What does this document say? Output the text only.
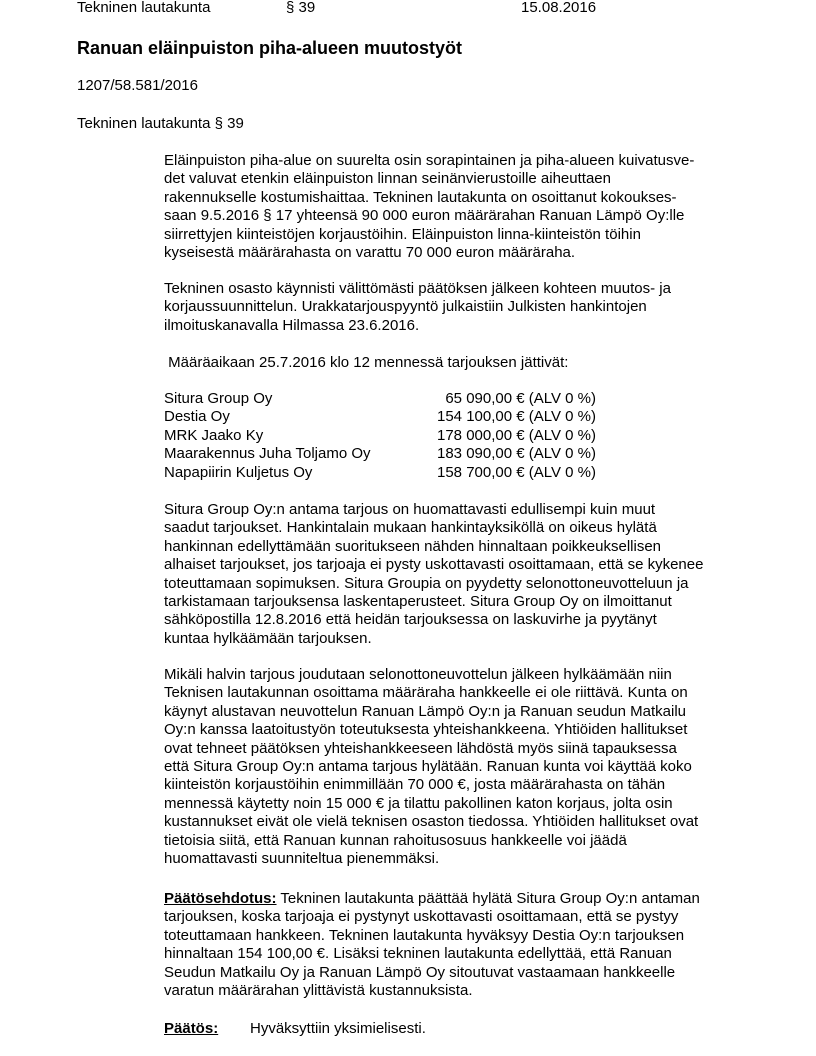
Tekninen lautakunta	§ 39	15.08.2016
Ranuan eläinpuiston piha-alueen muutostyöt
1207/58.581/2016
Tekninen lautakunta § 39

Eläinpuiston piha-alue on suurelta osin sorapintainen ja piha-alueen kuivatusve-

det valuvat etenkin eläinpuiston linnan seinänvierustoille aiheuttaen

rakennukselle kostumishaittaa. Tekninen lautakunta on osoittanut kokoukses-

saan 9.5.2016 § 17 yhteensä 90 000 euron määrärahan Ranuan Lämpö Oy:lle

siirrettyjen kiinteistöjen korjaustöihin. Eläinpuiston linna-kiinteistön töihin

kyseisestä määrärahasta on varattu 70 000 euron määräraha.

Tekninen osasto käynnisti välittömästi päätöksen jälkeen kohteen muutos- ja

korjaussuunnittelun. Urakkatarjouspyyntö julkaistiin Julkisten hankintojen

ilmoituskanavalla Hilmassa 23.6.2016.

Määräaikaan 25.7.2016 klo 12 mennessä tarjouksen jättivät:

Situra Group Oy	65 090,00 € (ALV 0 %)
Destia Oy	154 100,00 € (ALV 0 %)
MRK Jaako Ky	178 000,00 € (ALV 0 %)
Maarakennus Juha Toljamo Oy	183 090,00 € (ALV 0 %)
Napapiirin Kuljetus Oy	158 700,00 € (ALV 0 %)

Situra Group Oy:n antama tarjous on huomattavasti edullisempi kuin muut

saadut tarjoukset. Hankintalain mukaan hankintayksiköllä on oikeus hylätä

hankinnan edellyttämään suoritukseen nähden hinnaltaan poikkeuksellisen

alhaiset tarjoukset, jos tarjoaja ei pysty uskottavasti osoittamaan, että se kykenee

toteuttamaan sopimuksen. Situra Groupia on pyydetty selonottoneuvotteluun ja

tarkistamaan tarjouksensa laskentaperusteet. Situra Group Oy on ilmoittanut

sähköpostilla 12.8.2016 että heidän tarjouksessa on laskuvirhe ja pyytänyt

kuntaa hylkäämään tarjouksen.

Mikäli halvin tarjous joudutaan selonottoneuvottelun jälkeen hylkäämään niin

Teknisen lautakunnan osoittama määräraha hankkeelle ei ole riittävä. Kunta on

käynyt alustavan neuvottelun Ranuan Lämpö Oy:n ja Ranuan seudun Matkailu

Oy:n kanssa laatoitustyön toteutuksesta yhteishankkeena. Yhtiöiden hallitukset

ovat tehneet päätöksen yhteishankkeeseen lähdöstä myös siinä tapauksessa

että Situra Group Oy:n antama tarjous hylätään. Ranuan kunta voi käyttää koko

kiinteistön korjaustöihin enimmillään 70 000 €, josta määrärahasta on tähän

mennessä käytetty noin 15 000 € ja tilattu pakollinen katon korjaus, jolta osin

kustannukset eivät ole vielä teknisen osaston tiedossa. Yhtiöiden hallitukset ovat

tietoisia siitä, että Ranuan kunnan rahoitusosuus hankkeelle voi jäädä

huomattavasti suunniteltua pienemmäksi.

Päätösehdotus: Tekninen lautakunta päättää hylätä Situra Group Oy:n antaman

tarjouksen, koska tarjoaja ei pystynyt uskottavasti osoittamaan, että se pystyy

toteuttamaan hankkeen. Tekninen lautakunta hyväksyy Destia Oy:n tarjouksen

hinnaltaan 154 100,00 €. Lisäksi tekninen lautakunta edellyttää, että Ranuan

Seudun Matkailu Oy ja Ranuan Lämpö Oy sitoutuvat vastaamaan hankkeelle

varatun määrärahan ylittävistä kustannuksista.

Päätös: Hyväksyttiin yksimielisesti.
